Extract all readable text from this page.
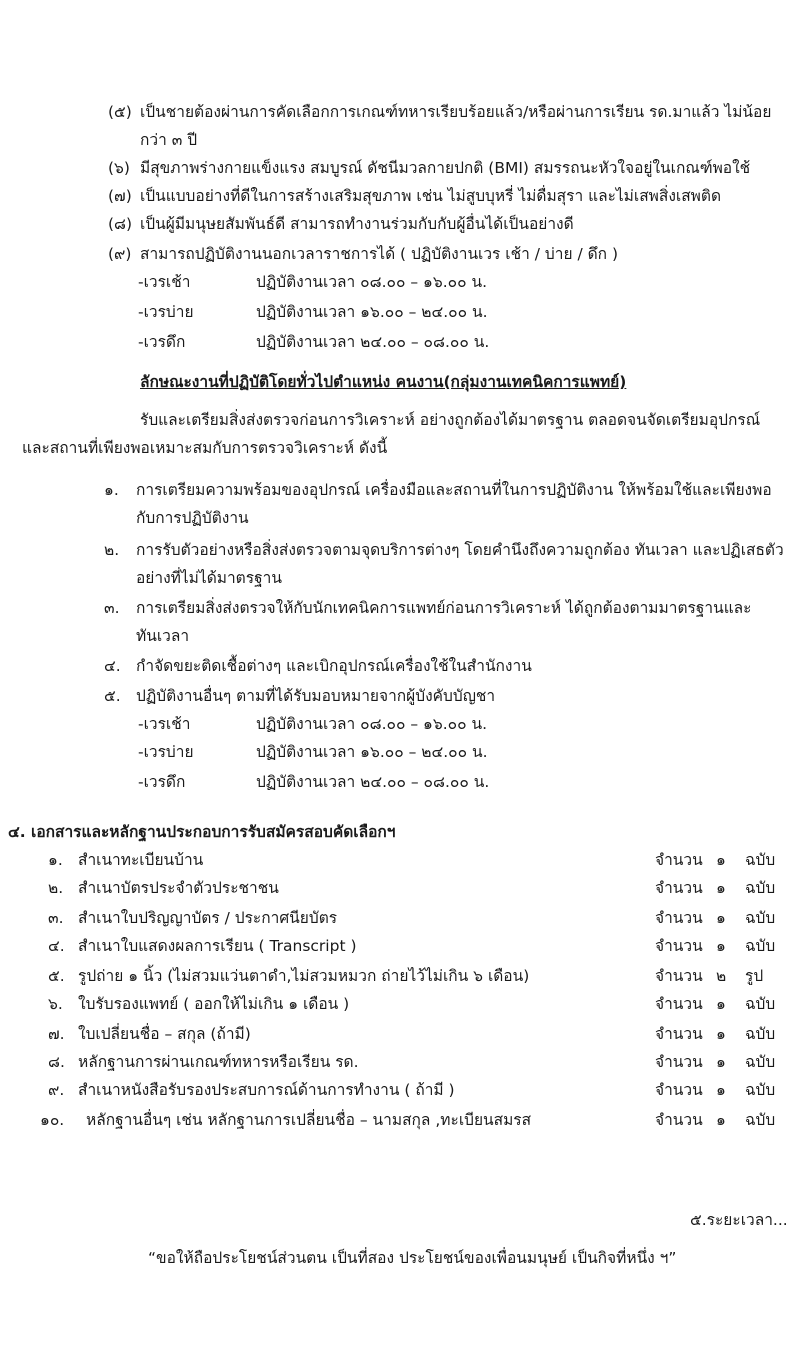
(๕) เป็นชายต้องผ่านการคัดเลือกการเกณฑ์ทหารเรียบร้อยแล้ว/หรือผ่านการเรียน รด.มาแล้ว ไม่น้อย
กว่า ๓ ปี
(๖) มีสุขภาพร่างกายแข็งแรง สมบูรณ์ ดัชนีมวลกายปกติ (BMI) สมรรถนะหัวใจอยู่ในเกณฑ์พอใช้
(๗) เป็นแบบอย่างที่ดีในการสร้างเสริมสุขภาพ เช่น ไม่สูบบุหรี่ ไม่ดื่มสุรา และไม่เสพสิ่งเสพติด
(๘) เป็นผู้มีมนุษยสัมพันธ์ดี สามารถทำงานร่วมกับกับผู้อื่นได้เป็นอย่างดี
(๙) สามารถปฏิบัติงานนอกเวลาราชการได้ ( ปฏิบัติงานเวร เช้า / บ่าย / ดึก )
-เวรเช้า	ปฏิบัติงานเวลา ๐๘.๐๐ – ๑๖.๐๐ น.
-เวรบ่าย	ปฏิบัติงานเวลา ๑๖.๐๐ – ๒๔.๐๐ น.
-เวรดึก	ปฏิบัติงานเวลา ๒๔.๐๐ – ๐๘.๐๐ น.
ลักษณะงานที่ปฏิบัติโดยทั่วไปตำแหน่ง คนงาน(กลุ่มงานเทคนิคการแพทย์)
รับและเตรียมสิ่งส่งตรวจก่อนการวิเคราะห์ อย่างถูกต้องได้มาตรฐาน ตลอดจนจัดเตรียมอุปกรณ์
และสถานที่เพียงพอเหมาะสมกับการตรวจวิเคราะห์ ดังนี้
๑. การเตรียมความพร้อมของอุปกรณ์ เครื่องมือและสถานที่ในการปฏิบัติงาน ให้พร้อมใช้และเพียงพอ
กับการปฏิบัติงาน
๒. การรับตัวอย่างหรือสิ่งส่งตรวจตามจุดบริการต่างๆ โดยคำนึงถึงความถูกต้อง ทันเวลา และปฏิเสธตัว
อย่างที่ไม่ได้มาตรฐาน
๓. การเตรียมสิ่งส่งตรวจให้กับนักเทคนิคการแพทย์ก่อนการวิเคราะห์ ได้ถูกต้องตามมาตรฐานและ
ทันเวลา
๔. กำจัดขยะติดเชื้อต่างๆ และเบิกอุปกรณ์เครื่องใช้ในสำนักงาน
๕. ปฏิบัติงานอื่นๆ ตามที่ได้รับมอบหมายจากผู้บังคับบัญชา
-เวรเช้า	ปฏิบัติงานเวลา ๐๘.๐๐ – ๑๖.๐๐ น.
-เวรบ่าย	ปฏิบัติงานเวลา ๑๖.๐๐ – ๒๔.๐๐ น.
-เวรดึก	ปฏิบัติงานเวลา ๒๔.๐๐ – ๐๘.๐๐ น.
๔. เอกสารและหลักฐานประกอบการรับสมัครสอบคัดเลือกฯ
๑. สำเนาทะเบียนบ้าน	จำนวน ๑ ฉบับ
๒. สำเนาบัตรประจำตัวประชาชน	จำนวน ๑ ฉบับ
๓. สำเนาใบปริญญาบัตร / ประกาศนียบัตร	จำนวน ๑ ฉบับ
๔. สำเนาใบแสดงผลการเรียน ( Transcript )	จำนวน ๑ ฉบับ
๕. รูปถ่าย ๑ นิ้ว (ไม่สวมแว่นตาดำ,ไม่สวมหมวก ถ่ายไว้ไม่เกิน ๖ เดือน)	จำนวน ๒ รูป
๖. ใบรับรองแพทย์ ( ออกให้ไม่เกิน ๑ เดือน )	จำนวน ๑ ฉบับ
๗. ใบเปลี่ยนชื่อ – สกุล (ถ้ามี)	จำนวน ๑ ฉบับ
๘. หลักฐานการผ่านเกณฑ์ทหารหรือเรียน รด.	จำนวน ๑ ฉบับ
๙. สำเนาหนังสือรับรองประสบการณ์ด้านการทำงาน ( ถ้ามี )	จำนวน ๑ ฉบับ
๑๐. หลักฐานอื่นๆ เช่น หลักฐานการเปลี่ยนชื่อ – นามสกุล ,ทะเบียนสมรส	จำนวน ๑ ฉบับ
๕.ระยะเวลา...
“ขอให้ถือประโยชน์ส่วนตน เป็นที่สอง ประโยชน์ของเพื่อนมนุษย์ เป็นกิจที่หนึ่ง ฯ”
